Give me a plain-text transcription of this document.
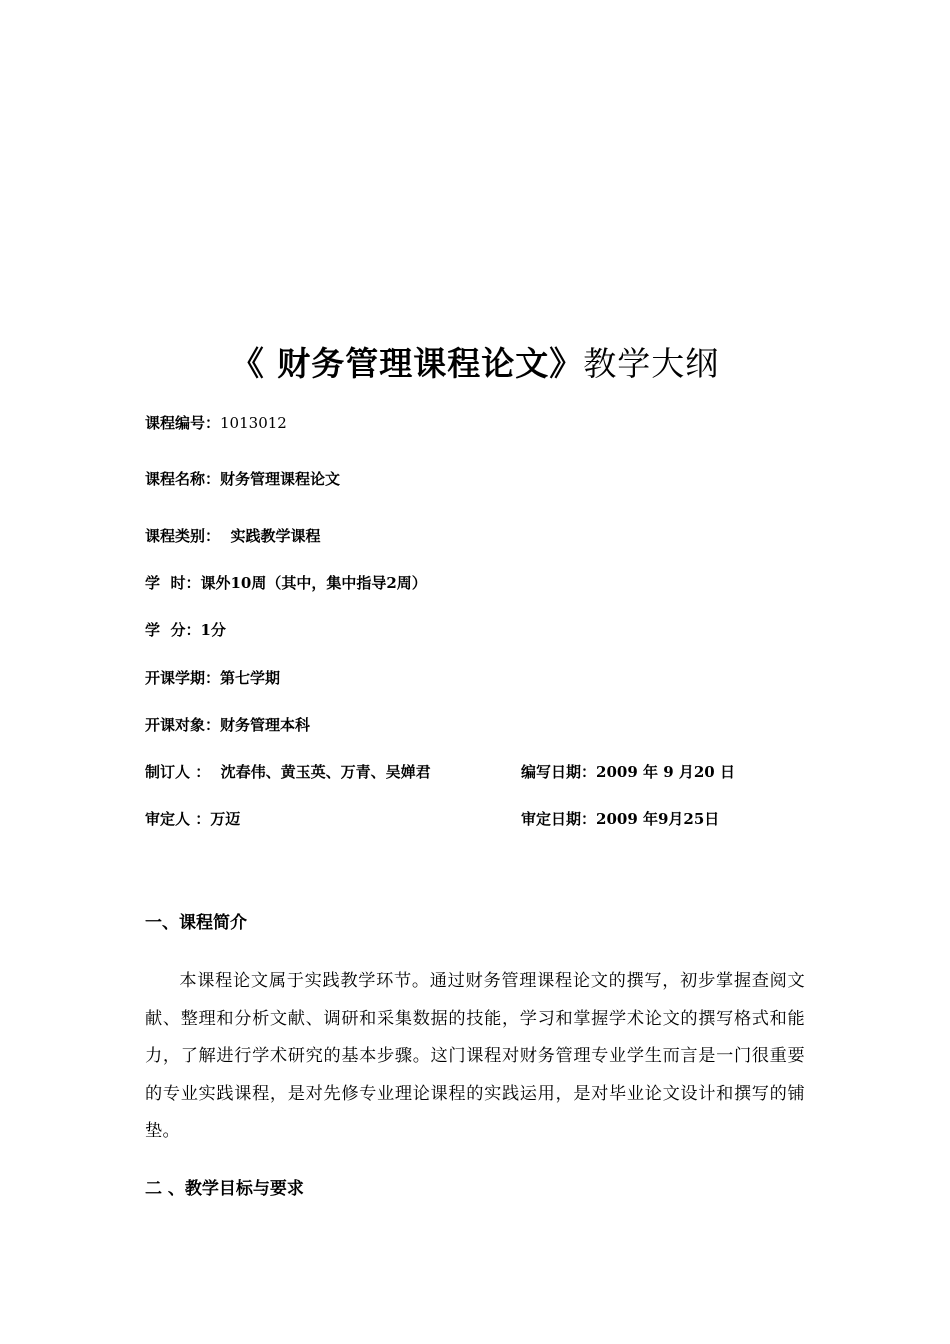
《 财务管理课程论文》教学大纲

课程编号：1013012

课程名称：财务管理课程论文

课程类别：  实践教学课程

学  时：课外10周（其中，集中指导2周）

学  分：1分

开课学期：第七学期

开课对象：财务管理本科

制订人 ：  沈春伟、黄玉英、万青、吴婵君	编写日期：2009 年 9 月20 日

审定人 ：万迈	审定日期：2009 年9月25日

一、课程简介

本课程论文属于实践教学环节。通过财务管理课程论文的撰写，初步掌握查阅文献、整理和分析文献、调研和采集数据的技能，学习和掌握学术论文的撰写格式和能力，了解进行学术研究的基本步骤。这门课程对财务管理专业学生而言是一门很重要的专业实践课程，是对先修专业理论课程的实践运用，是对毕业论文设计和撰写的铺垫。

二 、教学目标与要求
